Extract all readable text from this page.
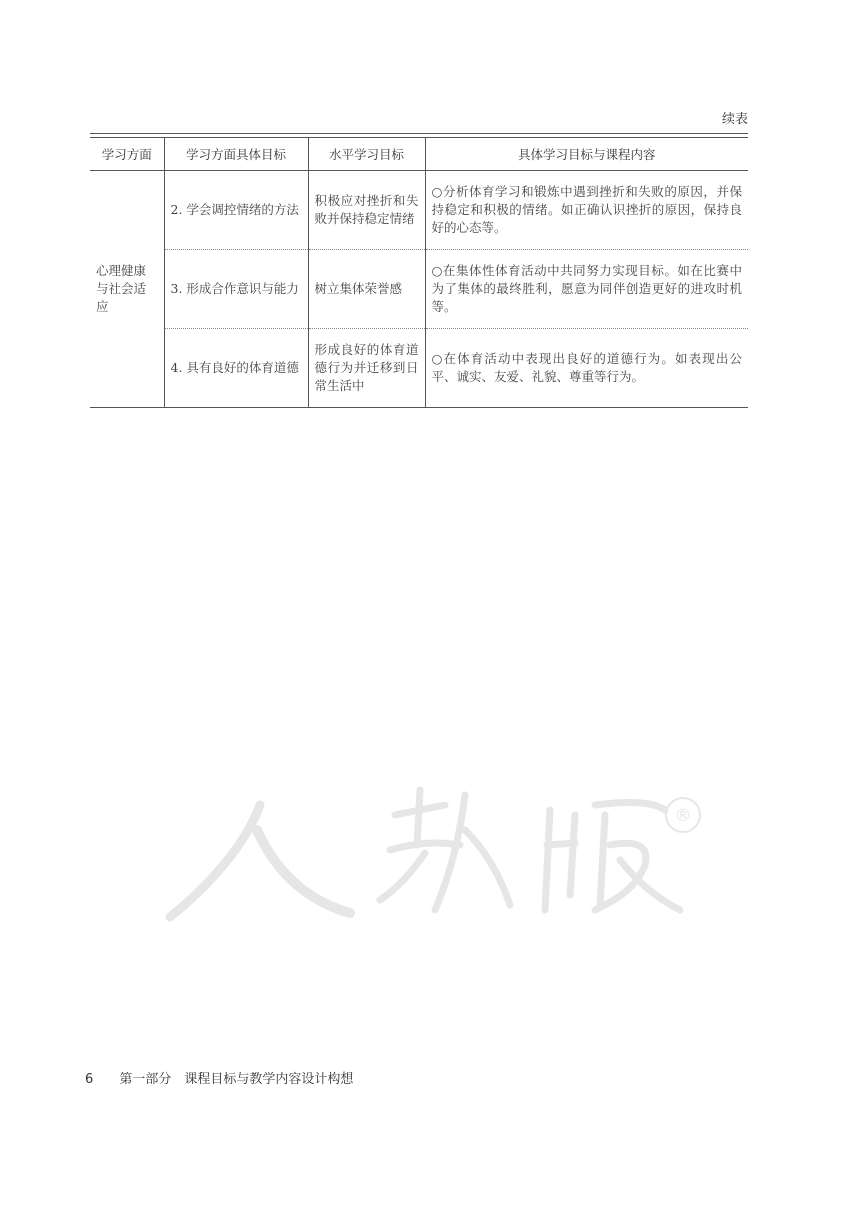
续表
学习方面	学习方面具体目标	水平学习目标	具体学习目标与课程内容
心理健康与社会适应	2. 学会调控情绪的方法	积极应对挫折和失败并保持稳定情绪	○分析体育学习和锻炼中遇到挫折和失败的原因，并保持稳定和积极的情绪。如正确认识挫折的原因，保持良好的心态等。
	3. 形成合作意识与能力	树立集体荣誉感	○在集体性体育活动中共同努力实现目标。如在比赛中为了集体的最终胜利，愿意为同伴创造更好的进攻时机等。
	4. 具有良好的体育道德	形成良好的体育道德行为并迁移到日常生活中	○在体育活动中表现出良好的道德行为。如表现出公平、诚实、友爱、礼貌、尊重等行为。
®
6 第一部分　课程目标与教学内容设计构想
